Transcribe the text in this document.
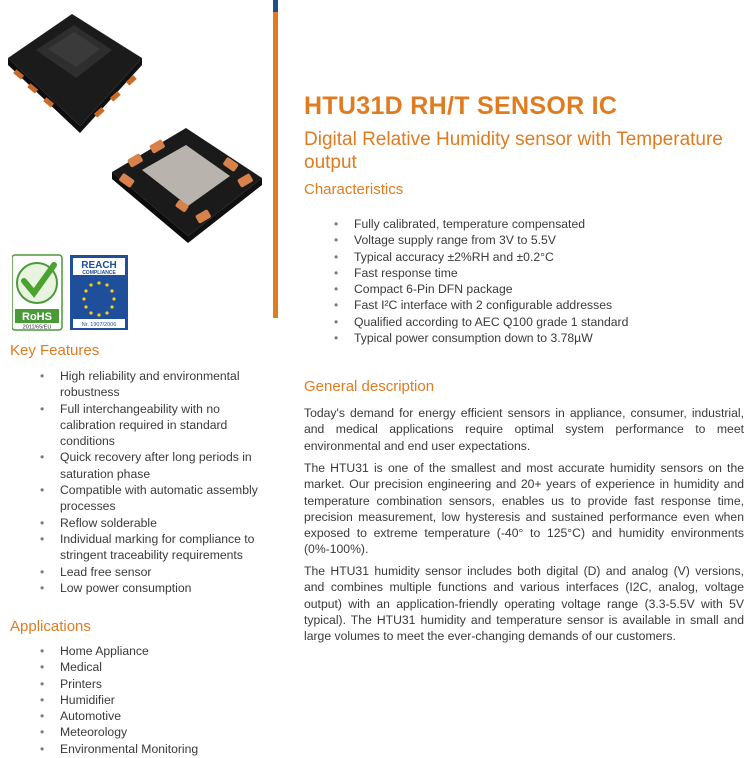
RoHS
2011/65/EU
REACH
COMPLIANCE
Nr. 1907/2006
HTU31D RH/T SENSOR IC
Digital Relative Humidity sensor with Temperature output
Characteristics
• Fully calibrated, temperature compensated
• Voltage supply range from 3V to 5.5V
• Typical accuracy ±2%RH and ±0.2°C
• Fast response time
• Compact 6-Pin DFN package
• Fast I²C interface with 2 configurable addresses
• Qualified according to AEC Q100 grade 1 standard
• Typical power consumption down to 3.78µW
Key Features
• High reliability and environmental robustness
• Full interchangeability with no calibration required in standard conditions
• Quick recovery after long periods in saturation phase
• Compatible with automatic assembly processes
• Reflow solderable
• Individual marking for compliance to stringent traceability requirements
• Lead free sensor
• Low power consumption
Applications
• Home Appliance
• Medical
• Printers
• Humidifier
• Automotive
• Meteorology
• Environmental Monitoring
General description

Today's demand for energy efficient sensors in appliance, consumer, industrial, and medical applications require optimal system performance to meet environmental and end user expectations.

The HTU31 is one of the smallest and most accurate humidity sensors on the market. Our precision engineering and 20+ years of experience in humidity and temperature combination sensors, enables us to provide fast response time, precision measurement, low hysteresis and sustained performance even when exposed to extreme temperature (-40° to 125°C) and humidity environments (0%-100%).

The HTU31 humidity sensor includes both digital (D) and analog (V) versions, and combines multiple functions and various interfaces (I2C, analog, voltage output) with an application-friendly operating voltage range (3.3-5.5V with 5V typical). The HTU31 humidity and temperature sensor is available in small and large volumes to meet the ever-changing demands of our customers.
